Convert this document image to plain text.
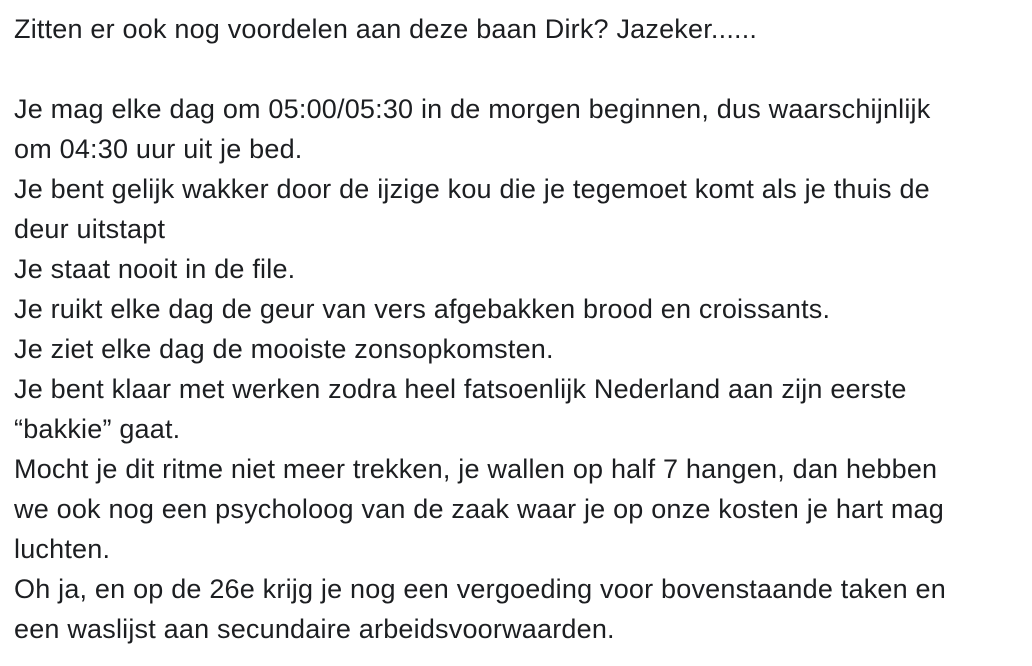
Zitten er ook nog voordelen aan deze baan Dirk? Jazeker......
Je mag elke dag om 05:00/05:30 in de morgen beginnen, dus waarschijnlijk
om 04:30 uur uit je bed.
Je bent gelijk wakker door de ijzige kou die je tegemoet komt als je thuis de
deur uitstapt
Je staat nooit in de file.
Je ruikt elke dag de geur van vers afgebakken brood en croissants.
Je ziet elke dag de mooiste zonsopkomsten.
Je bent klaar met werken zodra heel fatsoenlijk Nederland aan zijn eerste
“bakkie” gaat.
Mocht je dit ritme niet meer trekken, je wallen op half 7 hangen, dan hebben
we ook nog een psycholoog van de zaak waar je op onze kosten je hart mag
luchten.
Oh ja, en op de 26e krijg je nog een vergoeding voor bovenstaande taken en
een waslijst aan secundaire arbeidsvoorwaarden.
